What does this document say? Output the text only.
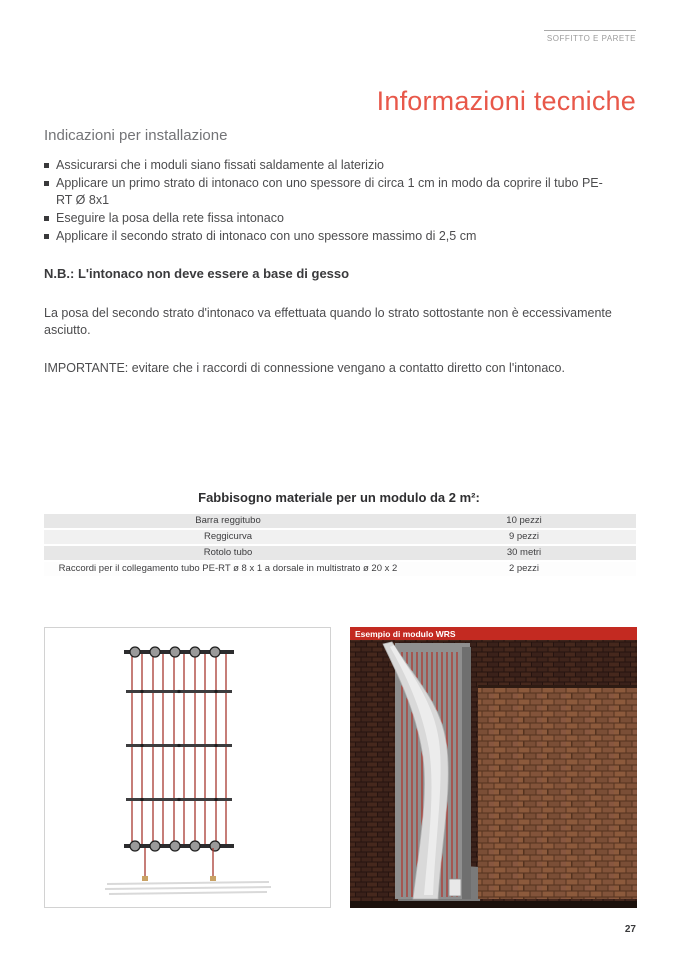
SOFFITTO E PARETE
Informazioni tecniche
Indicazioni per installazione
Assicurarsi che i moduli siano fissati saldamente al laterizio
Applicare un primo strato di intonaco con uno spessore di circa 1 cm in modo da coprire il tubo PE-RT Ø 8x1
Eseguire la posa della rete fissa intonaco
Applicare il secondo strato di intonaco con uno spessore massimo di 2,5 cm

N.B.: L'intonaco non deve essere a base di gesso

La posa del secondo strato d'intonaco va effettuata quando lo strato sottostante non è eccessivamente asciutto.

IMPORTANTE: evitare che i raccordi di connessione vengano a contatto diretto con l'intonaco.

Fabbisogno materiale per un modulo da 2 m²:
Barra reggitubo	10 pezzi
Reggicurva	9 pezzi
Rotolo tubo	30 metri
Raccordi per il collegamento tubo PE-RT ø 8 x 1 a dorsale in multistrato ø 20 x 2	2 pezzi
Esempio di modulo WRS
27
